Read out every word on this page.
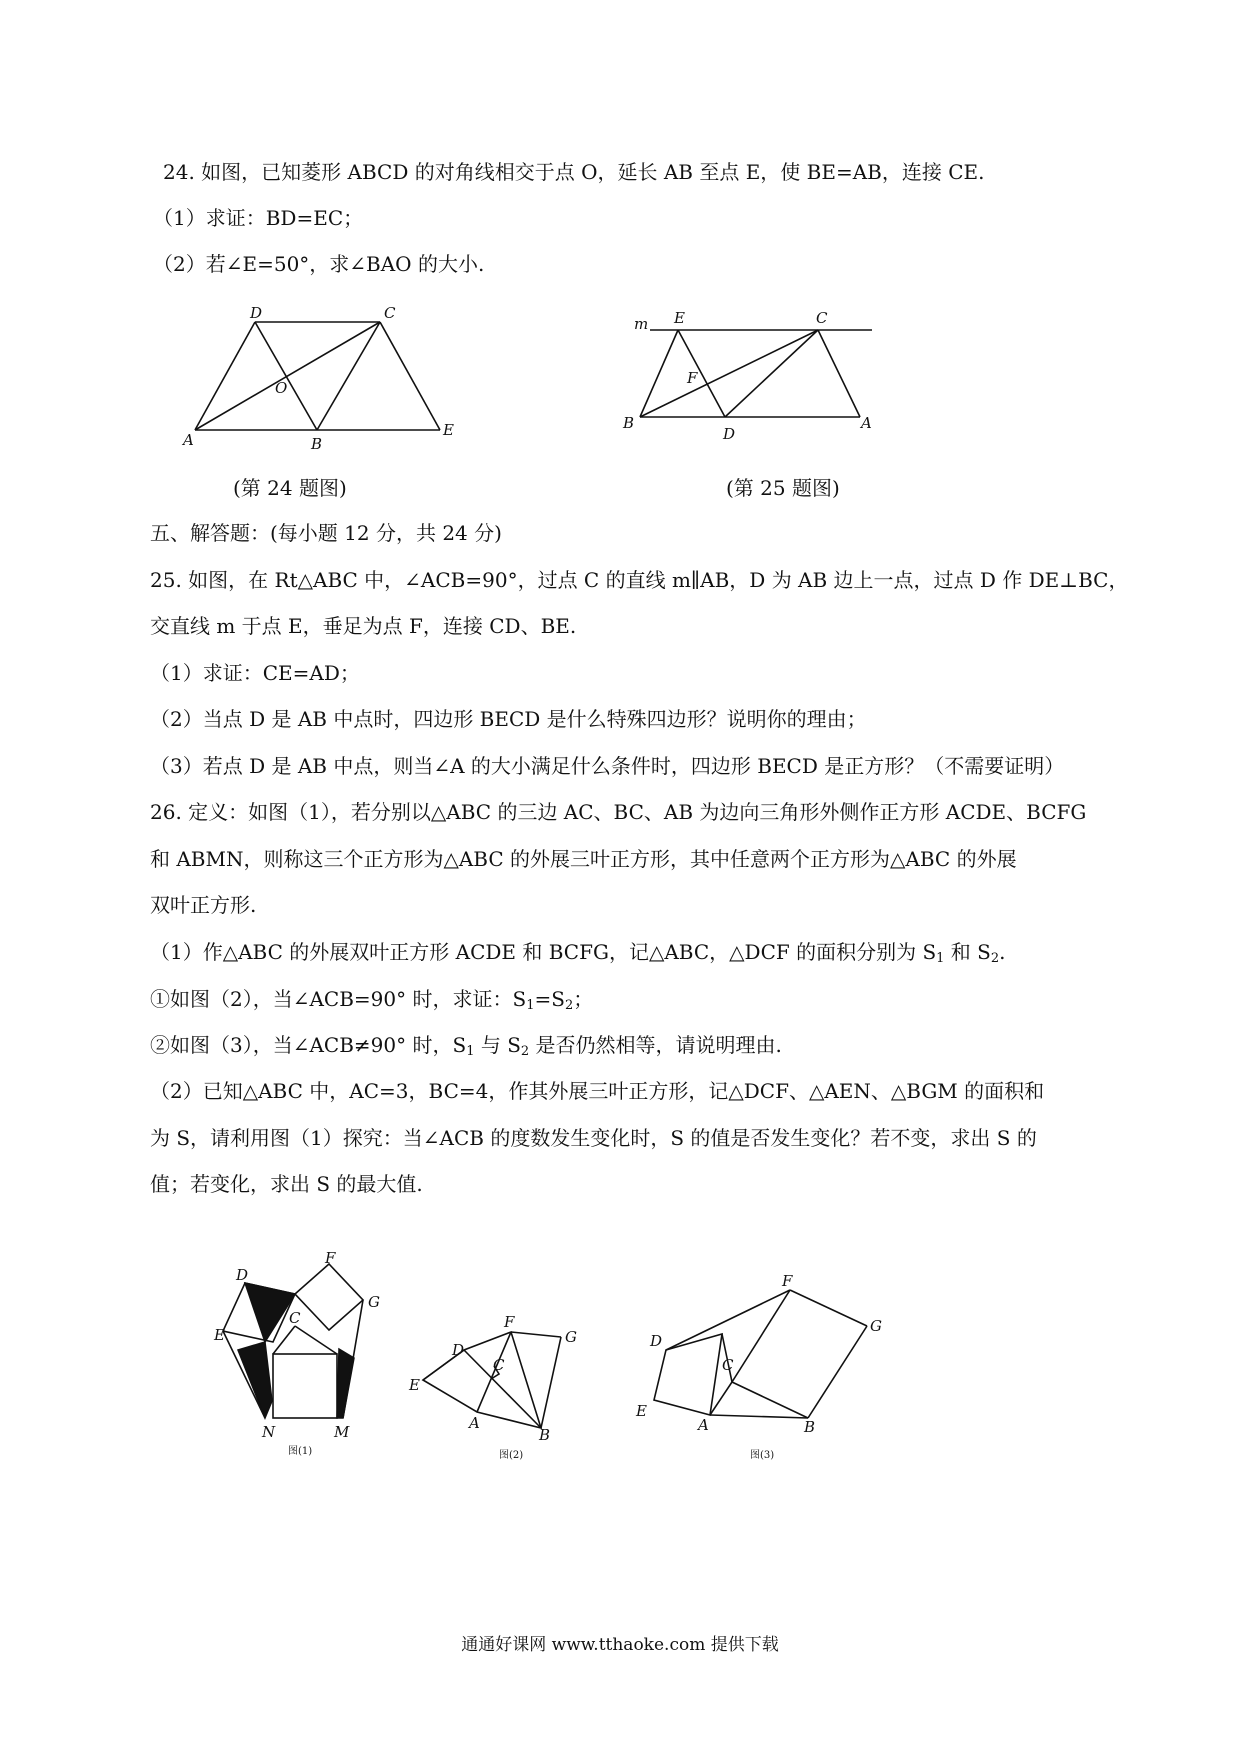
24. 如图，已知菱形 ABCD 的对角线相交于点 O，延长 AB 至点 E，使 BE=AB，连接 CE.
（1）求证：BD=EC；
（2）若∠E=50°，求∠BAO 的大小.
D	C
O
A	B
E
m E	C
F
B
D
A
(第 24 题图)	(第 25 题图)
五、解答题：(每小题 12 分，共 24 分)
25. 如图，在 Rt△ABC 中，∠ACB=90°，过点 C 的直线 m∥AB，D 为 AB 边上一点，过点 D 作 DE⊥BC，
交直线 m 于点 E，垂足为点 F，连接 CD、BE.
（1）求证：CE=AD；
（2）当点 D 是 AB 中点时，四边形 BECD 是什么特殊四边形？说明你的理由；
（3）若点 D 是 AB 中点，则当∠A 的大小满足什么条件时，四边形 BECD 是正方形？（不需要证明）
26. 定义：如图（1），若分别以△ABC 的三边 AC、BC、AB 为边向三角形外侧作正方形 ACDE、BCFG
和 ABMN，则称这三个正方形为△ABC 的外展三叶正方形，其中任意两个正方形为△ABC 的外展
双叶正方形.
（1）作△ABC 的外展双叶正方形 ACDE 和 BCFG，记△ABC，△DCF 的面积分别为 $S_1$ 和 $S_2$.
①如图（2），当∠ACB=90° 时，求证：$S_1=S_2$；
②如图（3），当∠ACB≠90° 时，$S_1$ 与 $S_2$ 是否仍然相等，请说明理由.
（2）已知△ABC 中，AC=3，BC=4，作其外展三叶正方形，记△DCF、△AEN、△BGM 的面积和
为 S，请利用图（1）探究：当∠ACB 的度数发生变化时，S 的值是否发生变化？若不变，求出 S 的
值；若变化，求出 S 的最大值.
D
F
G
C
E
N	M
图(1)
F
D
C
G
E
A
B
图(2)
F
D
C
G
E
A	B
图(3)
通通好课网 www.tthaoke.com 提供下载
